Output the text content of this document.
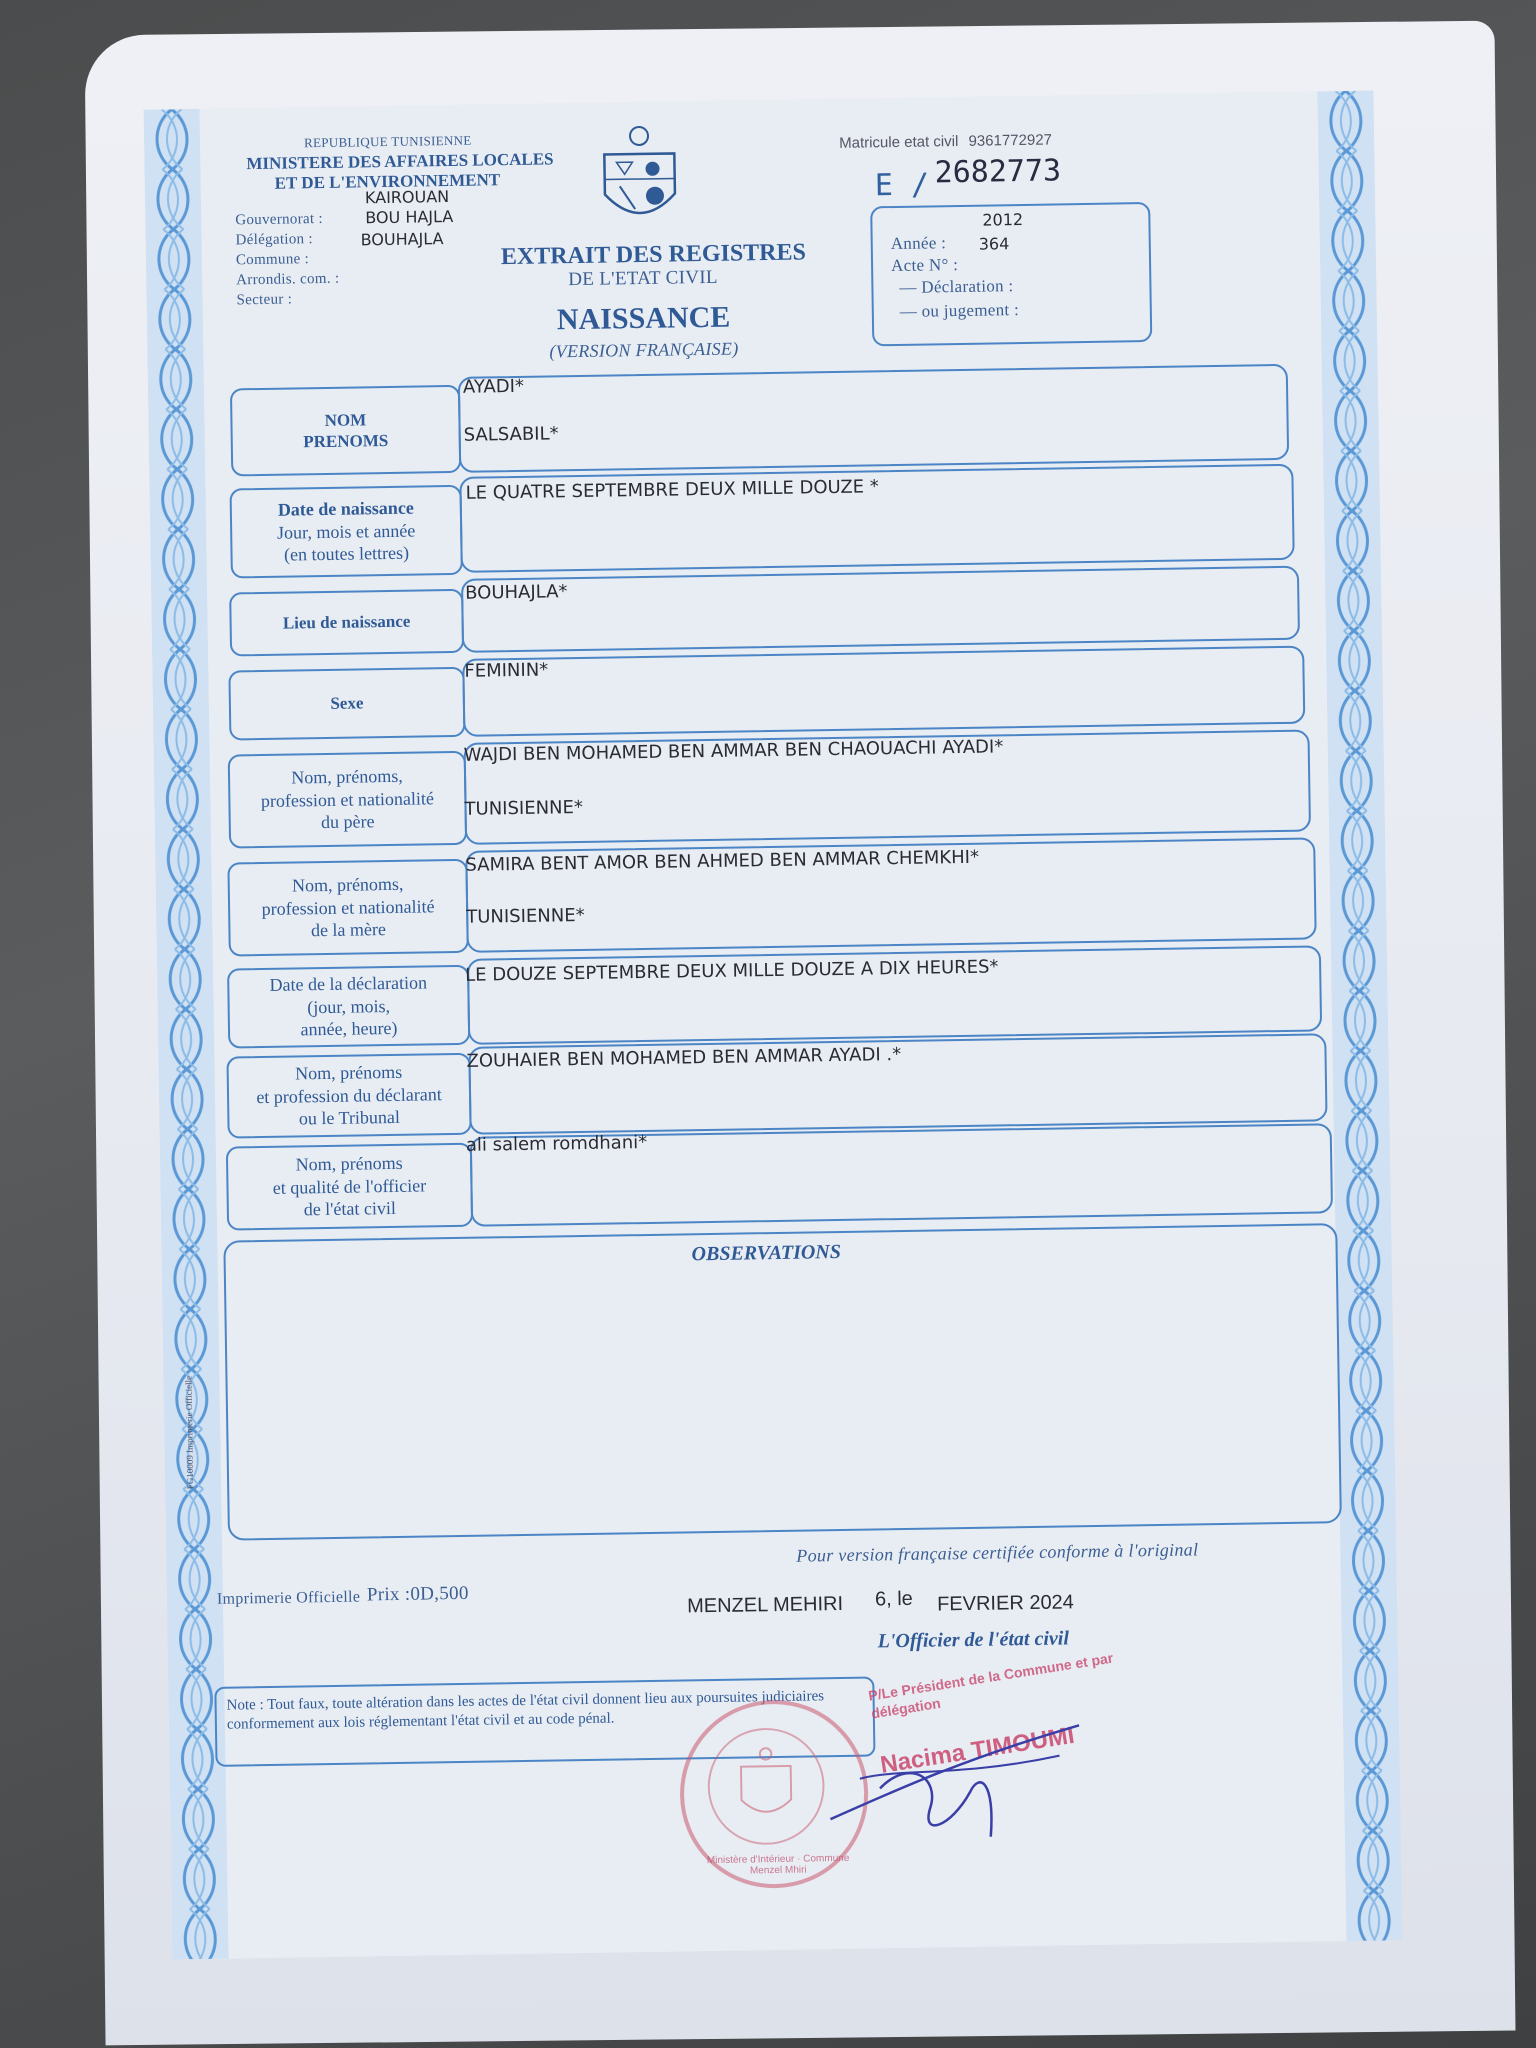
REPUBLIQUE TUNISIENNE
MINISTERE DES AFFAIRES LOCALES
ET DE L'ENVIRONNEMENT
KAIROUAN
BOU HAJLA
BOUHAJLA
Gouvernorat :
Délégation :
Commune :
Arrondis. com. :
Secteur :
EXTRAIT DES REGISTRES
DE L'ETAT CIVIL
NAISSANCE
(VERSION FRANÇAISE)
Matricule etat civil 9361772927
E / 2682773
2012
Année : 364
Acte N° :
— Déclaration :
— ou jugement :
NOM
PRENOMS
AYADI*
SALSABIL*
Date de naissance
Jour, mois et année
(en toutes lettres)
LE QUATRE SEPTEMBRE DEUX MILLE DOUZE *
Lieu de naissance
BOUHAJLA*
Sexe
FEMININ*
Nom, prénoms,
profession et nationalité
du père
WAJDI BEN MOHAMED BEN AMMAR BEN CHAOUACHI AYADI*
TUNISIENNE*
Nom, prénoms,
profession et nationalité
de la mère
SAMIRA BENT AMOR BEN AHMED BEN AMMAR CHEMKHI*
TUNISIENNE*
Date de la déclaration
(jour, mois,
année, heure)
LE DOUZE SEPTEMBRE DEUX MILLE DOUZE A DIX HEURES*
Nom, prénoms
et profession du déclarant
ou le Tribunal
ZOUHAIER BEN MOHAMED BEN AMMAR AYADI .*
Nom, prénoms
et qualité de l'officier
de l'état civil
ali salem romdhani*
OBSERVATIONS
FG10009 Imprimerie Officielle
Pour version française certifiée conforme à l'original
Imprimerie Officielle Prix :0D,500	MENZEL MEHIRI 6, le FEVRIER 2024
L'Officier de l'état civil
Note : Tout faux, toute altération dans les actes de l'état civil donnent lieu aux poursuites judiciaires conformement aux lois réglementant l'état civil et au code pénal.
Ministère d'Intérieur · Commune Menzel Mhiri
P/Le Président de la Commune et par délégation
Nacima TIMOUMI
